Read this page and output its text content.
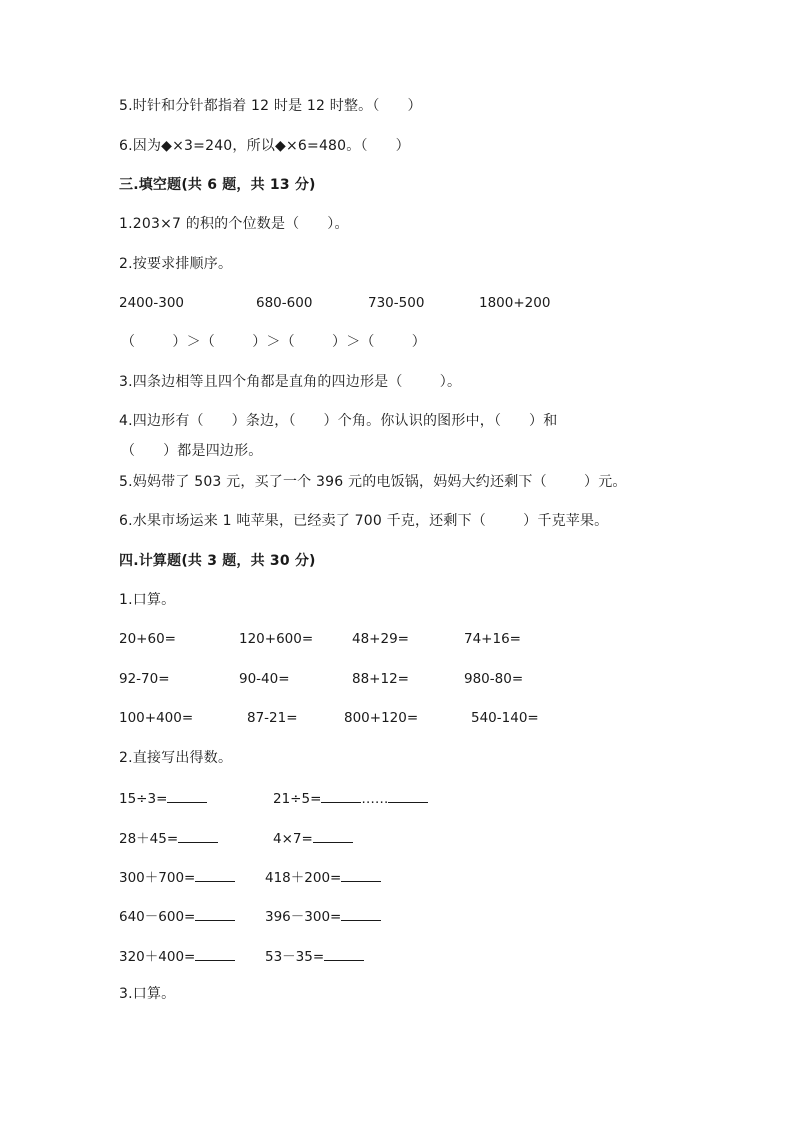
5.时针和分针都指着 12 时是 12 时整。（      ）
6.因为◆×3=240，所以◆×6=480。（      ）
三.填空题(共 6 题，共 13 分)
1.203×7 的积的个位数是（      ）。
2.按要求排顺序。
2400-300	680-600	730-500	1800+200
（        ）＞（        ）＞（        ）＞（        ）
3.四条边相等且四个角都是直角的四边形是（        ）。
4.四边形有（      ）条边，（      ）个角。你认识的图形中，（      ）和
（      ）都是四边形。
5.妈妈带了 503 元，买了一个 396 元的电饭锅，妈妈大约还剩下（        ）元。
6.水果市场运来 1 吨苹果，已经卖了 700 千克，还剩下（        ）千克苹果。
四.计算题(共 3 题，共 30 分)
1.口算。
20+60=	120+600=	48+29=	74+16=
92-70=	90-40=	88+12=	980-80=
100+400=	87-21=	800+120=	540-140=
2.直接写出得数。
15÷3=	21÷5=	……
28＋45=	4×7=
300＋700=	418＋200=
640－600=	396－300=
320＋400=	53－35=
3.口算。
